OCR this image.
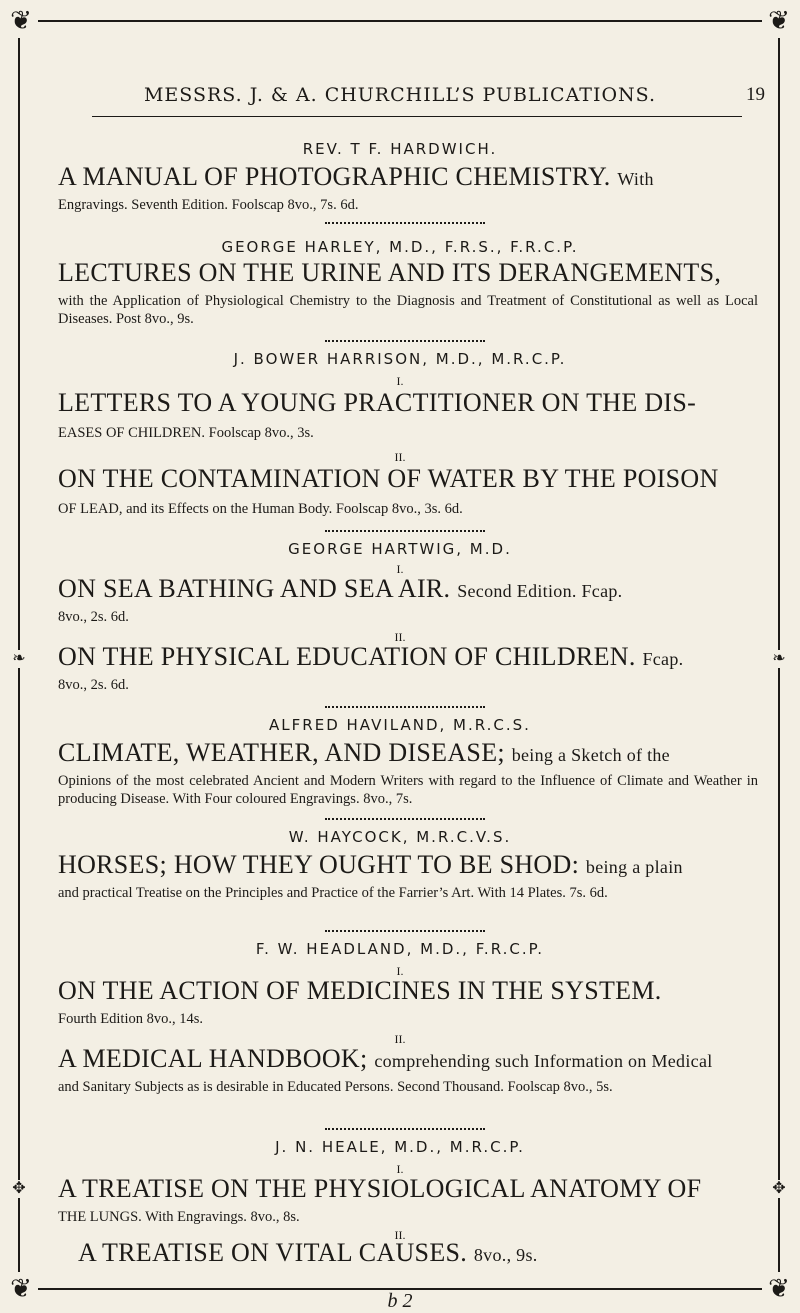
❦	❦
❦	❦
❧	❧
✥	✥
MESSRS. J. & A. CHURCHILL’S PUBLICATIONS.	19
REV. T F. HARDWICH.
A MANUAL OF PHOTOGRAPHIC CHEMISTRY. With
Engravings. Seventh Edition. Foolscap 8vo., 7s. 6d.
GEORGE HARLEY, M.D., F.R.S., F.R.C.P.
LECTURES ON THE URINE AND ITS DERANGEMENTS,
with the Application of Physiological Chemistry to the Diagnosis and Treatment of Constitutional as well as Local Diseases. Post 8vo., 9s.
J. BOWER HARRISON, M.D., M.R.C.P.
I.
LETTERS TO A YOUNG PRACTITIONER ON THE DIS-
EASES OF CHILDREN. Foolscap 8vo., 3s.
II.
ON THE CONTAMINATION OF WATER BY THE POISON
OF LEAD, and its Effects on the Human Body. Foolscap 8vo., 3s. 6d.
GEORGE HARTWIG, M.D.
I.
ON SEA BATHING AND SEA AIR. Second Edition. Fcap.
8vo., 2s. 6d.
II.
ON THE PHYSICAL EDUCATION OF CHILDREN. Fcap.
8vo., 2s. 6d.
ALFRED HAVILAND, M.R.C.S.
CLIMATE, WEATHER, AND DISEASE; being a Sketch of the
Opinions of the most celebrated Ancient and Modern Writers with regard to the Influence of Climate and Weather in producing Disease. With Four coloured Engravings. 8vo., 7s.
W. HAYCOCK, M.R.C.V.S.
HORSES; HOW THEY OUGHT TO BE SHOD: being a plain
and practical Treatise on the Principles and Practice of the Farrier’s Art. With 14 Plates. 7s. 6d.
F. W. HEADLAND, M.D., F.R.C.P.
I.
ON THE ACTION OF MEDICINES IN THE SYSTEM.
Fourth Edition 8vo., 14s.
II.
A MEDICAL HANDBOOK; comprehending such Information on Medical
and Sanitary Subjects as is desirable in Educated Persons. Second Thousand. Foolscap 8vo., 5s.
J. N. HEALE, M.D., M.R.C.P.
I.
A TREATISE ON THE PHYSIOLOGICAL ANATOMY OF
THE LUNGS. With Engravings. 8vo., 8s.
II.
A TREATISE ON VITAL CAUSES. 8vo., 9s.
b 2
